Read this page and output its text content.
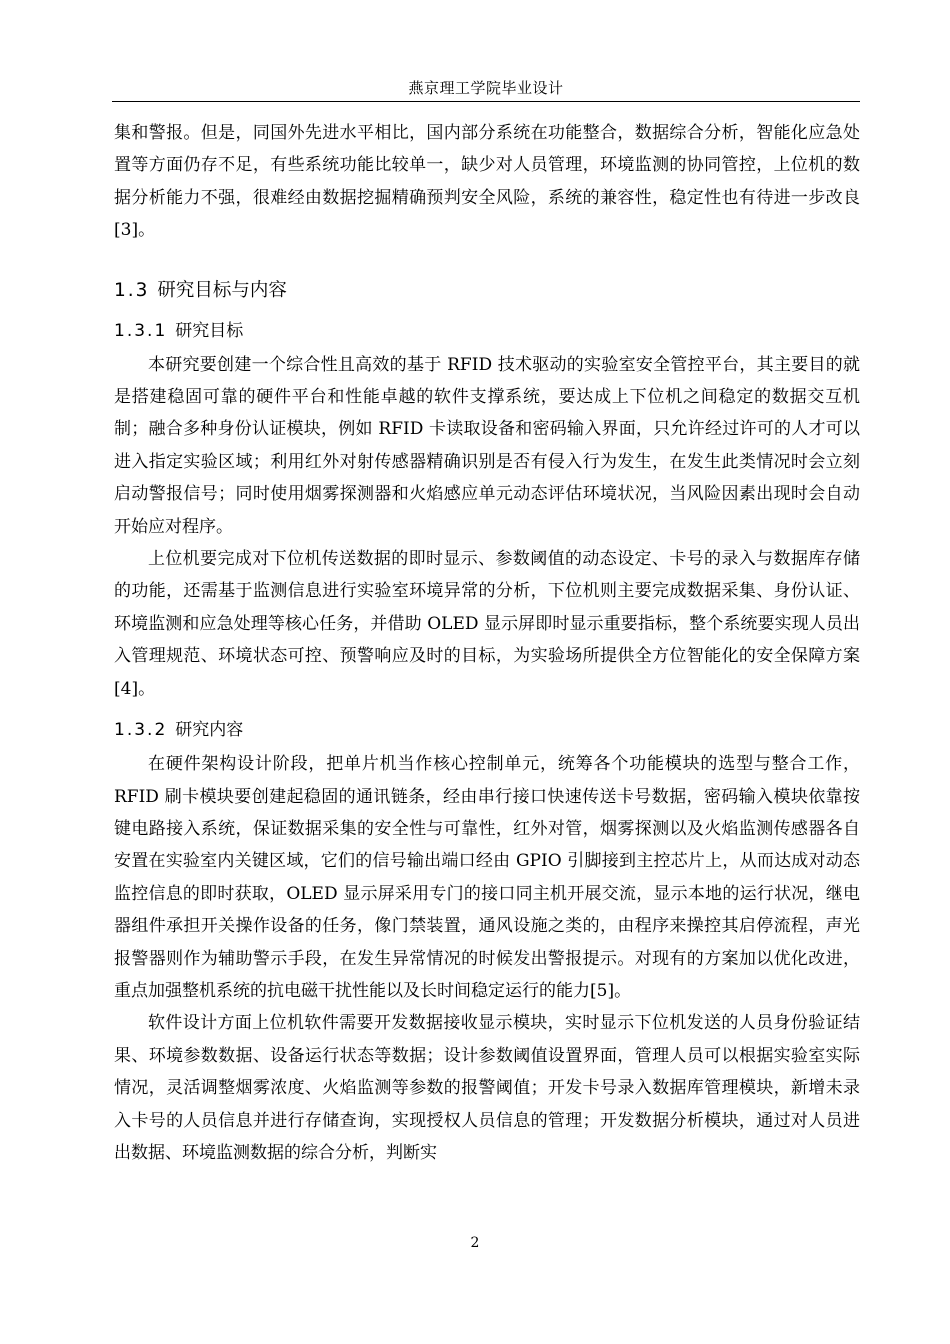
燕京理工学院毕业设计

集和警报。但是，同国外先进水平相比，国内部分系统在功能整合，数据综合分析，智能化应急处置等方面仍存不足，有些系统功能比较单一，缺少对人员管理，环境监测的协同管控，上位机的数据分析能力不强，很难经由数据挖掘精确预判安全风险，系统的兼容性，稳定性也有待进一步改良[3]。

1.3 研究目标与内容
1.3.1 研究目标

本研究要创建一个综合性且高效的基于 RFID 技术驱动的实验室安全管控平台，其主要目的就是搭建稳固可靠的硬件平台和性能卓越的软件支撑系统，要达成上下位机之间稳定的数据交互机制；融合多种身份认证模块，例如 RFID 卡读取设备和密码输入界面，只允许经过许可的人才可以进入指定实验区域；利用红外对射传感器精确识别是否有侵入行为发生，在发生此类情况时会立刻启动警报信号；同时使用烟雾探测器和火焰感应单元动态评估环境状况，当风险因素出现时会自动开始应对程序。

上位机要完成对下位机传送数据的即时显示、参数阈值的动态设定、卡号的录入与数据库存储的功能，还需基于监测信息进行实验室环境异常的分析，下位机则主要完成数据采集、身份认证、环境监测和应急处理等核心任务，并借助 OLED 显示屏即时显示重要指标，整个系统要实现人员出入管理规范、环境状态可控、预警响应及时的目标，为实验场所提供全方位智能化的安全保障方案[4]。

1.3.2 研究内容

在硬件架构设计阶段，把单片机当作核心控制单元，统筹各个功能模块的选型与整合工作，RFID 刷卡模块要创建起稳固的通讯链条，经由串行接口快速传送卡号数据，密码输入模块依靠按键电路接入系统，保证数据采集的安全性与可靠性，红外对管，烟雾探测以及火焰监测传感器各自安置在实验室内关键区域，它们的信号输出端口经由 GPIO 引脚接到主控芯片上，从而达成对动态监控信息的即时获取，OLED 显示屏采用专门的接口同主机开展交流，显示本地的运行状况，继电器组件承担开关操作设备的任务，像门禁装置，通风设施之类的，由程序来操控其启停流程，声光报警器则作为辅助警示手段，在发生异常情况的时候发出警报提示。对现有的方案加以优化改进，重点加强整机系统的抗电磁干扰性能以及长时间稳定运行的能力[5]。

软件设计方面上位机软件需要开发数据接收显示模块，实时显示下位机发送的人员身份验证结果、环境参数数据、设备运行状态等数据；设计参数阈值设置界面，管理人员可以根据实验室实际情况，灵活调整烟雾浓度、火焰监测等参数的报警阈值；开发卡号录入数据库管理模块，新增未录入卡号的人员信息并进行存储查询，实现授权人员信息的管理；开发数据分析模块，通过对人员进出数据、环境监测数据的综合分析，判断实

2
